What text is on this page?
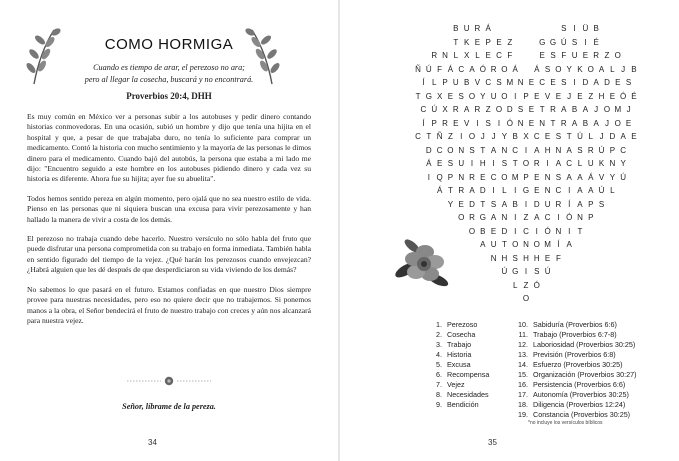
COMO HORMIGA
Cuando es tiempo de arar, el perezoso no ara;
pero al llegar la cosecha, buscará y no encontrará.
Proverbios 20:4, DHH

Es muy común en México ver a personas subir a los autobuses y pedir dinero contando historias conmovedoras. En una ocasión, subió un hombre y dijo que tenía una hijita en el hospital y que, a pesar de que trabajaba duro, no tenía lo suficiente para comprar un medicamento. Contó la historia con mucho sentimiento y la mayoría de las personas le dimos dinero para el medicamento. Cuando bajó del autobús, la persona que estaba a mi lado me dijo: "Encuentro seguido a este hombre en los autobuses pidiendo dinero y cada vez su historia es diferente. Ahora fue su hijita; ayer fue su abuelita".

Todos hemos sentido pereza en algún momento, pero ojalá que no sea nuestro estilo de vida. Pienso en las personas que ni siquiera buscan una excusa para vivir perezosamente y han hallado la manera de vivir a costa de los demás.

El perezoso no trabaja cuando debe hacerlo. Nuestro versículo no sólo habla del fruto que puede disfrutar una persona comprometida con su trabajo en forma inmediata. También habla en sentido figurado del tiempo de la vejez. ¿Qué harán los perezosos cuando envejezcan? ¿Habrá alguien que les dé después de que desperdiciaron su vida viviendo de los demás?

No sabemos lo que pasará en el futuro. Estamos confiadas en que nuestro Dios siempre provee para nuestras necesidades, pero eso no quiere decir que no trabajemos. Si ponemos manos a la obra, el Señor bendecirá el fruto de nuestro trabajo con creces y aún nos alcanzará para nuestra vejez.

Señor, líbrame de la pereza.
34
B U R Á	S I Ü B
T K E P E Z	G G Ú S I É
R N L X L E C F	E S F U E R Z O
Ñ Ú F Á C A Ó R O Á	Á S O Y K O A L J B
Í L P U B V C S M N E C E S I D A D E S
T G X E S O Y U O I P E V E J E Z H E Ó É
C Ú X R A R Z O D S E T R A B A J O M J
Í P R E V I S I Ó N E N T R A B A J O E
C T Ñ Z I O J J Y B X C E S T Ú L J D A E
D C O N S T A N C I A H N A S R Ú P C
Á E S U I H I S T O R I A C L U K N Y
I Q P N R E C O M P E N S A A Á V Y Ú
Á T R A D I L I G E N C I A A Ú L
Y E D T S A B I D U R Í A P S
O R G A N I Z A C I Ó N P
O B E D I C I Ó N I T
A U T O N O M Í A
N H S H H E F
Ú G I S Ú
L Z Ó
O
1. Perezoso
2. Cosecha
3. Trabajo
4. Historia
5. Excusa
6. Recompensa
7. Vejez
8. Necesidades
9. Bendición
10. Sabiduría (Proverbios 6:6)
11. Trabajo (Proverbios 6:7-8)
12. Laboriosidad (Proverbios 30:25)
13. Previsión (Proverbios 6:8)
14. Esfuerzo (Proverbios 30:25)
15. Organización (Proverbios 30:27)
16. Persistencia (Proverbios 6:6)
17. Autonomía (Proverbios 30:25)
18. Diligencia (Proverbios 12:24)
19. Constancia (Proverbios 30:25)
*no incluye los versículos bíblicos
35
